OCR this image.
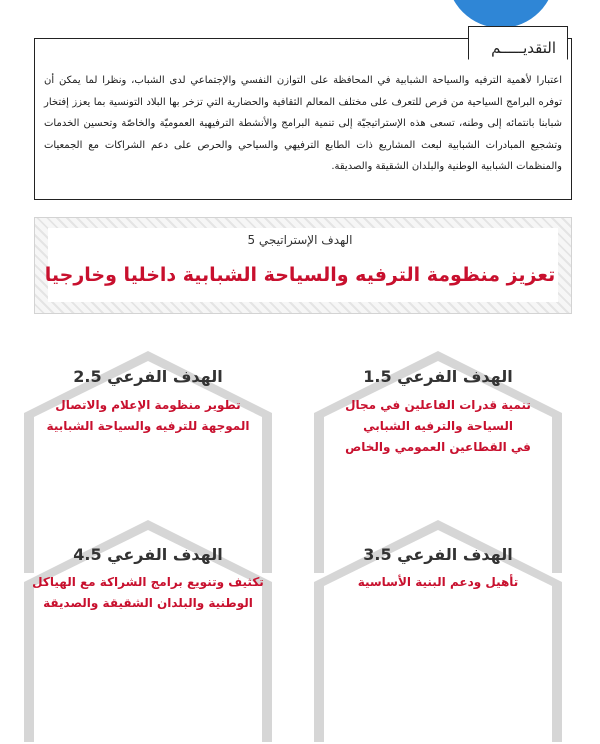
التقديـــــم

اعتبارا لأهمية الترفيه والسياحة الشبابية في المحافظة على التوازن النفسي والإجتماعي لدى الشباب، ونظرا لما يمكن أن توفره البرامج السياحية من فرص للتعرف على مختلف المعالم الثقافية والحضارية التي تزخر بها البلاد التونسية بما يعزز إفتخار شبابنا بانتمائه إلى وطنه، تسعى هذه الإستراتيجيّة إلى تنمية البرامج والأنشطة الترفيهية العموميّة والخاصّة وتحسين الخدمات وتشجيع المبادرات الشبابية لبعث المشاريع ذات الطابع الترفيهي والسياحي والحرص على دعم الشراكات مع الجمعيات والمنظمات الشبابية الوطنية والبلدان الشقيقة والصديقة.

الهدف الإستراتيجي 5
تعزيز منظومة الترفيه والسياحة الشبابية داخليا وخارجيا
الهدف الفرعي 1.5
تنمية قدرات الفاعلين في مجال
السياحة والترفيه الشبابي
في القطاعين العمومي والخاص
الهدف الفرعي 2.5
تطوير منظومة الإعلام والاتصال
الموجهة للترفيه والسياحة الشبابية
الهدف الفرعي 3.5
تأهيل ودعم البنية الأساسية
الهدف الفرعي 4.5
تكثيف وتنويع برامج الشراكة مع الهياكل
الوطنية والبلدان الشقيقة والصديقة
